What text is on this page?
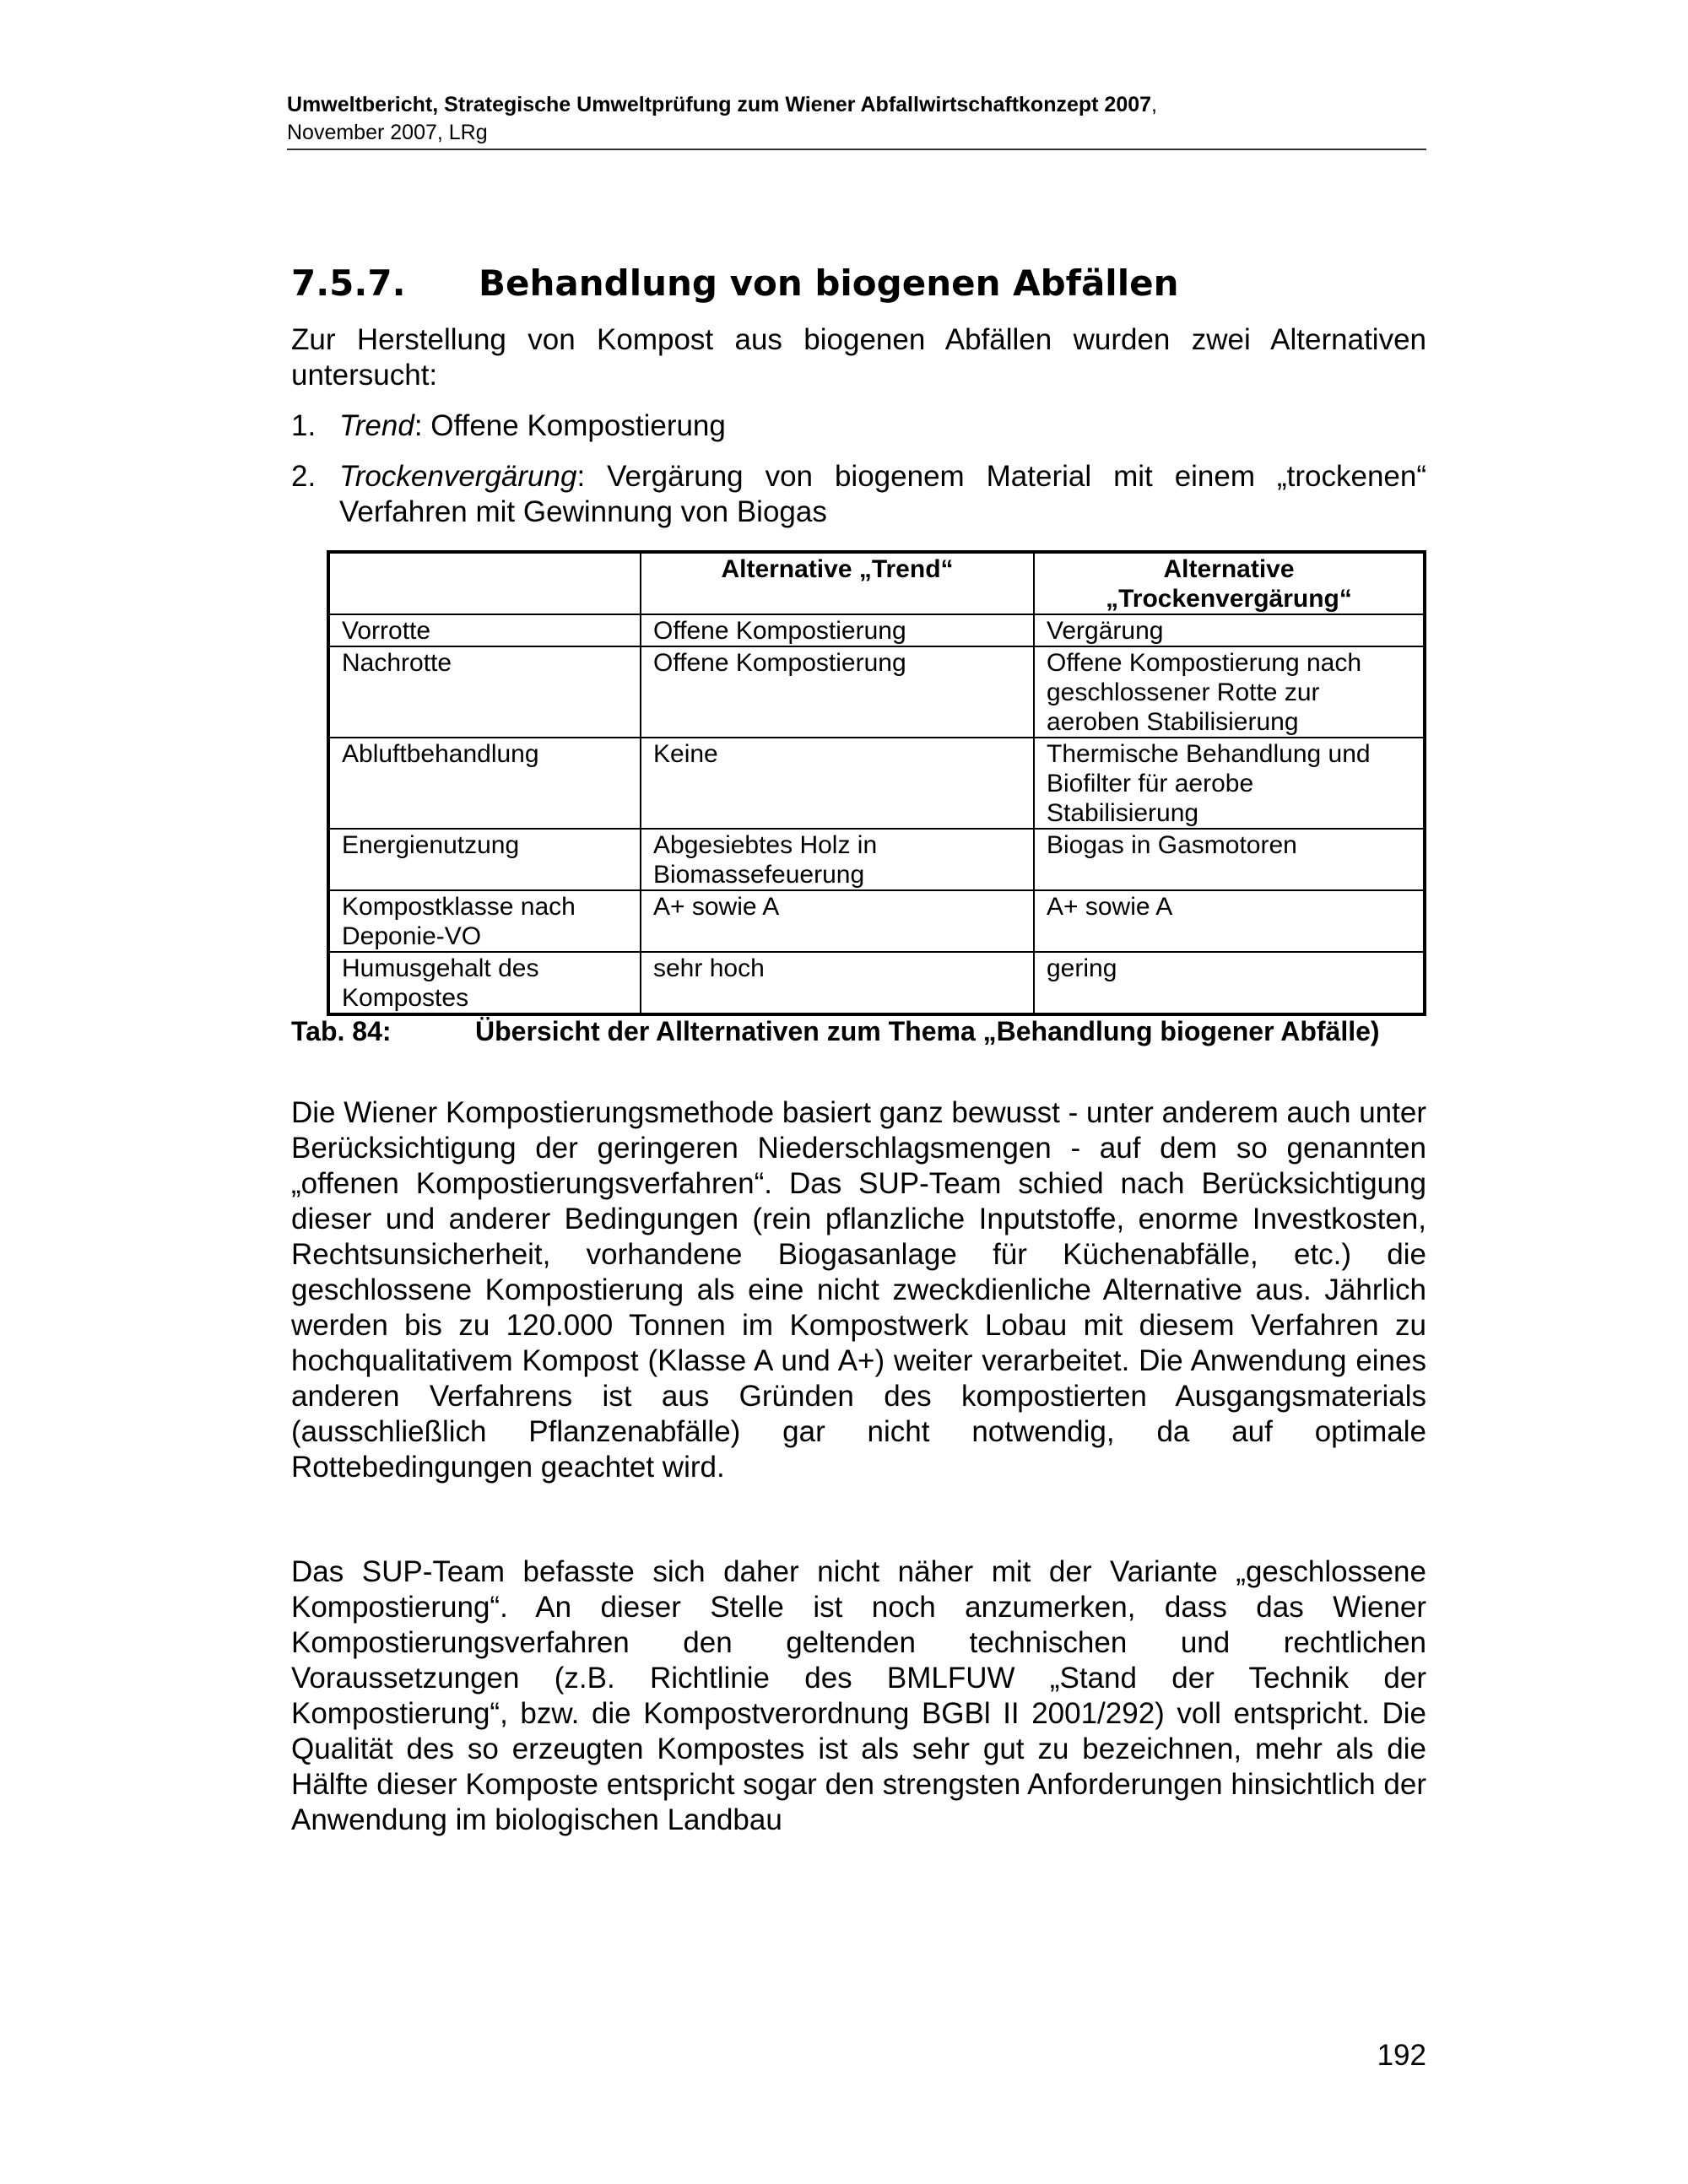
Umweltbericht, Strategische Umweltprüfung zum Wiener Abfallwirtschaftkonzept 2007,
November 2007, LRg
7.5.7. Behandlung von biogenen Abfällen
Zur Herstellung von Kompost aus biogenen Abfällen wurden zwei Alternativen untersucht:
1. Trend: Offene Kompostierung
2. Trockenvergärung: Vergärung von biogenem Material mit einem „trockenen“ Verfahren mit Gewinnung von Biogas
	Alternative „Trend“	Alternative „Trockenvergärung“
Vorrotte	Offene Kompostierung	Vergärung
Nachrotte	Offene Kompostierung	Offene Kompostierung nach geschlossener Rotte zur aeroben Stabilisierung
Abluftbehandlung	Keine	Thermische Behandlung und Biofilter für aerobe Stabilisierung
Energienutzung	Abgesiebtes Holz in Biomassefeuerung	Biogas in Gasmotoren
Kompostklasse nach Deponie-VO	A+ sowie A	A+ sowie A
Humusgehalt des Kompostes	sehr hoch	gering
Tab. 84:	Übersicht der Allternativen zum Thema „Behandlung biogener Abfälle)
Die Wiener Kompostierungsmethode basiert ganz bewusst - unter anderem auch unter Berücksichtigung der geringeren Niederschlagsmengen - auf dem so genannten „offenen Kompostierungsverfahren“. Das SUP-Team schied nach Berücksichtigung dieser und anderer Bedingungen (rein pflanzliche Inputstoffe, enorme Investkosten, Rechtsunsicherheit, vorhandene Biogasanlage für Küchenabfälle, etc.) die geschlossene Kompostierung als eine nicht zweckdienliche Alternative aus. Jährlich werden bis zu 120.000 Tonnen im Kompostwerk Lobau mit diesem Verfahren zu hochqualitativem Kompost (Klasse A und A+) weiter verarbeitet. Die Anwendung eines anderen Verfahrens ist aus Gründen des kompostierten Ausgangsmaterials (ausschließlich Pflanzenabfälle) gar nicht notwendig, da auf optimale Rottebedingungen geachtet wird.
Das SUP-Team befasste sich daher nicht näher mit der Variante „geschlossene Kompostierung“. An dieser Stelle ist noch anzumerken, dass das Wiener Kompostierungsverfahren den geltenden technischen und rechtlichen Voraussetzungen (z.B. Richtlinie des BMLFUW „Stand der Technik der Kompostierung“, bzw. die Kompostverordnung BGBl II 2001/292) voll entspricht. Die Qualität des so erzeugten Kompostes ist als sehr gut zu bezeichnen, mehr als die Hälfte dieser Komposte entspricht sogar den strengsten Anforderungen hinsichtlich der Anwendung im biologischen Landbau
192
